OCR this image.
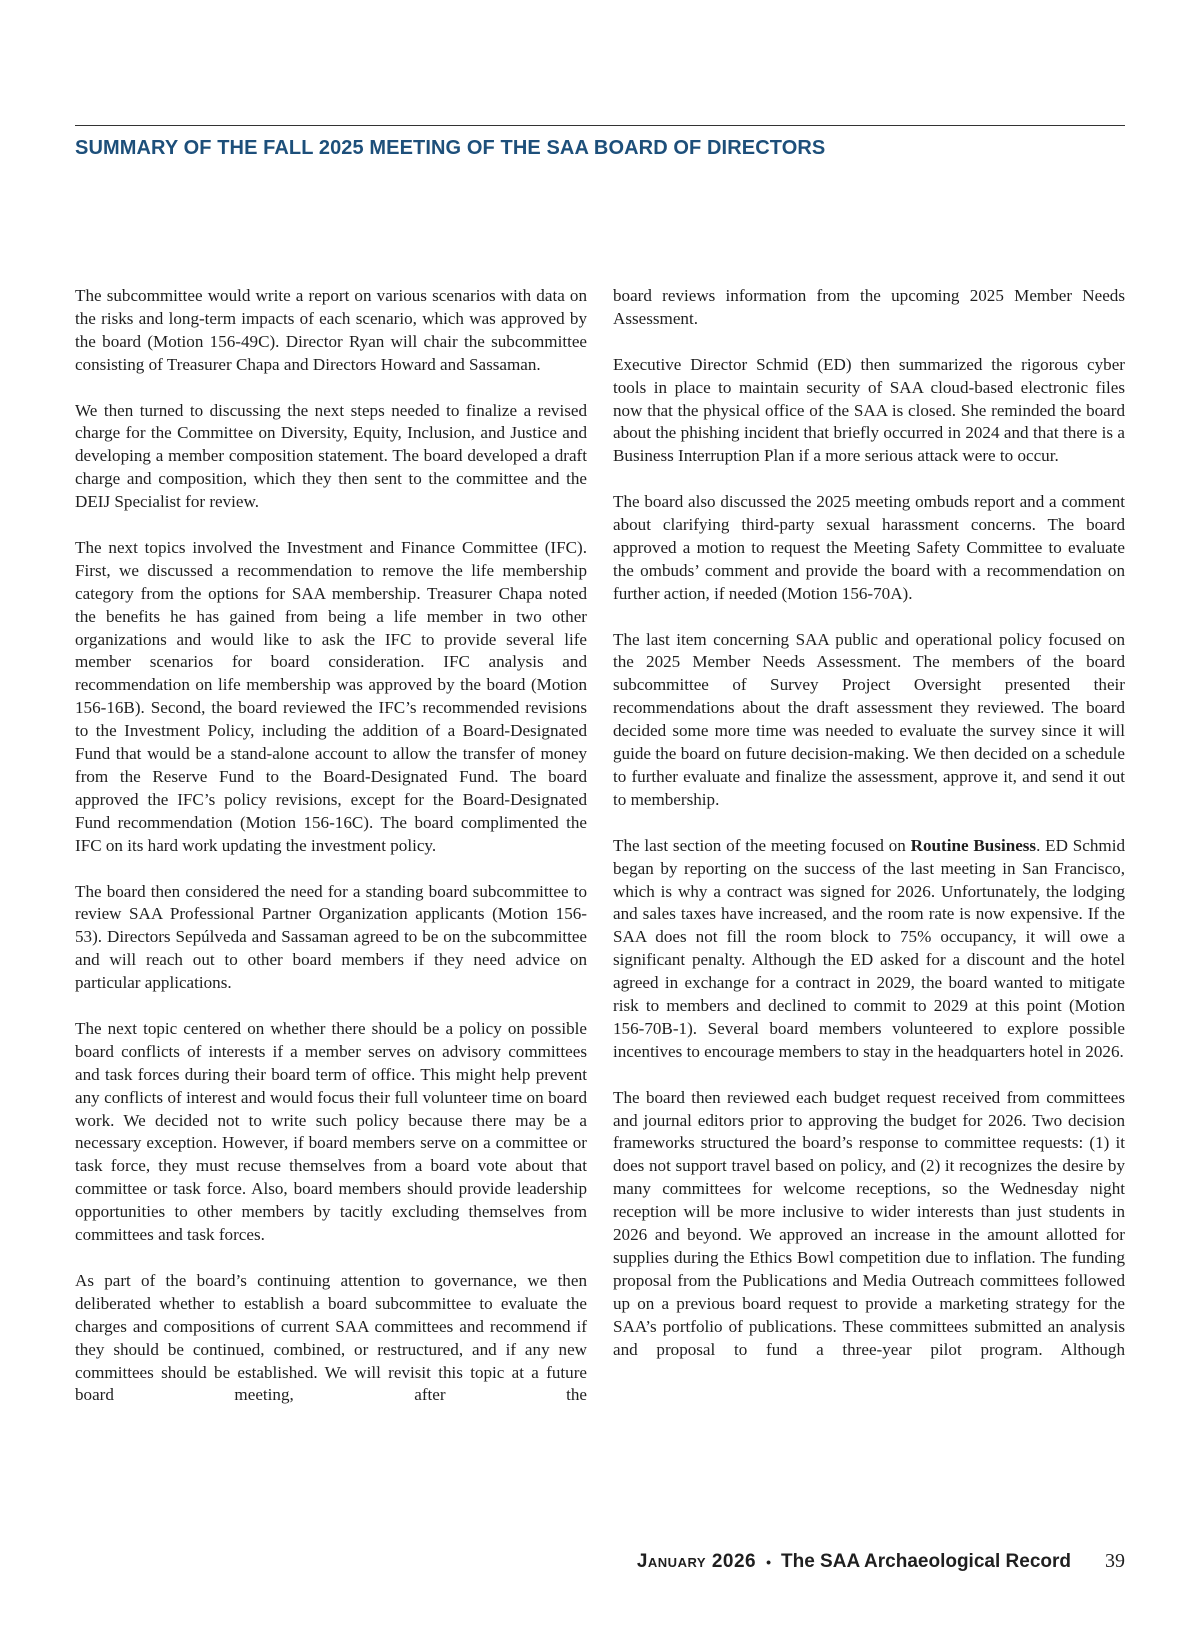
SUMMARY OF THE FALL 2025 MEETING OF THE SAA BOARD OF DIRECTORS

The subcommittee would write a report on various scenarios with data on the risks and long-term impacts of each scenario, which was approved by the board (Motion 156-49C). Director Ryan will chair the subcommittee consisting of Treasurer Chapa and Directors Howard and Sassaman.

We then turned to discussing the next steps needed to finalize a revised charge for the Committee on Diversity, Equity, Inclusion, and Justice and developing a member composition statement. The board developed a draft charge and composition, which they then sent to the committee and the DEIJ Specialist for review.

The next topics involved the Investment and Finance Committee (IFC). First, we discussed a recommendation to remove the life membership category from the options for SAA membership. Treasurer Chapa noted the benefits he has gained from being a life member in two other organizations and would like to ask the IFC to provide several life member scenarios for board consideration. IFC analysis and recommendation on life membership was approved by the board (Motion 156-16B). Second, the board reviewed the IFC’s recommended revisions to the Investment Policy, including the addition of a Board-Designated Fund that would be a stand-alone account to allow the transfer of money from the Reserve Fund to the Board-Designated Fund. The board approved the IFC’s policy revisions, except for the Board-Designated Fund recommendation (Motion 156-16C). The board complimented the IFC on its hard work updating the investment policy.

The board then considered the need for a standing board subcommittee to review SAA Professional Partner Organization applicants (Motion 156-53). Directors Sepúlveda and Sassaman agreed to be on the subcommittee and will reach out to other board members if they need advice on particular applications.

The next topic centered on whether there should be a policy on possible board conflicts of interests if a member serves on advisory committees and task forces during their board term of office. This might help prevent any conflicts of interest and would focus their full volunteer time on board work. We decided not to write such policy because there may be a necessary exception. However, if board members serve on a committee or task force, they must recuse themselves from a board vote about that committee or task force. Also, board members should provide leadership opportunities to other members by tacitly excluding themselves from committees and task forces.

As part of the board’s continuing attention to governance, we then deliberated whether to establish a board subcommittee to evaluate the charges and compositions of current SAA committees and recommend if they should be continued, combined, or restructured, and if any new committees should be established. We will revisit this topic at a future board meeting, after the

board reviews information from the upcoming 2025 Member Needs Assessment.

Executive Director Schmid (ED) then summarized the rigorous cyber tools in place to maintain security of SAA cloud-based electronic files now that the physical office of the SAA is closed. She reminded the board about the phishing incident that briefly occurred in 2024 and that there is a Business Interruption Plan if a more serious attack were to occur.

The board also discussed the 2025 meeting ombuds report and a comment about clarifying third-party sexual harassment concerns. The board approved a motion to request the Meeting Safety Committee to evaluate the ombuds’ comment and provide the board with a recommendation on further action, if needed (Motion 156-70A).

The last item concerning SAA public and operational policy focused on the 2025 Member Needs Assessment. The members of the board subcommittee of Survey Project Oversight presented their recommendations about the draft assessment they reviewed. The board decided some more time was needed to evaluate the survey since it will guide the board on future decision-making. We then decided on a schedule to further evaluate and finalize the assessment, approve it, and send it out to membership.

The last section of the meeting focused on Routine Business. ED Schmid began by reporting on the success of the last meeting in San Francisco, which is why a contract was signed for 2026. Unfortunately, the lodging and sales taxes have increased, and the room rate is now expensive. If the SAA does not fill the room block to 75% occupancy, it will owe a significant penalty. Although the ED asked for a discount and the hotel agreed in exchange for a contract in 2029, the board wanted to mitigate risk to members and declined to commit to 2029 at this point (Motion 156-70B-1). Several board members volunteered to explore possible incentives to encourage members to stay in the headquarters hotel in 2026.

The board then reviewed each budget request received from committees and journal editors prior to approving the budget for 2026. Two decision frameworks structured the board’s response to committee requests: (1) it does not support travel based on policy, and (2) it recognizes the desire by many committees for welcome receptions, so the Wednesday night reception will be more inclusive to wider interests than just students in 2026 and beyond. We approved an increase in the amount allotted for supplies during the Ethics Bowl competition due to inflation. The funding proposal from the Publications and Media Outreach committees followed up on a previous board request to provide a marketing strategy for the SAA’s portfolio of publications. These committees submitted an analysis and proposal to fund a three-year pilot program. Although

January 2026 • The SAA Archaeological Record 39
